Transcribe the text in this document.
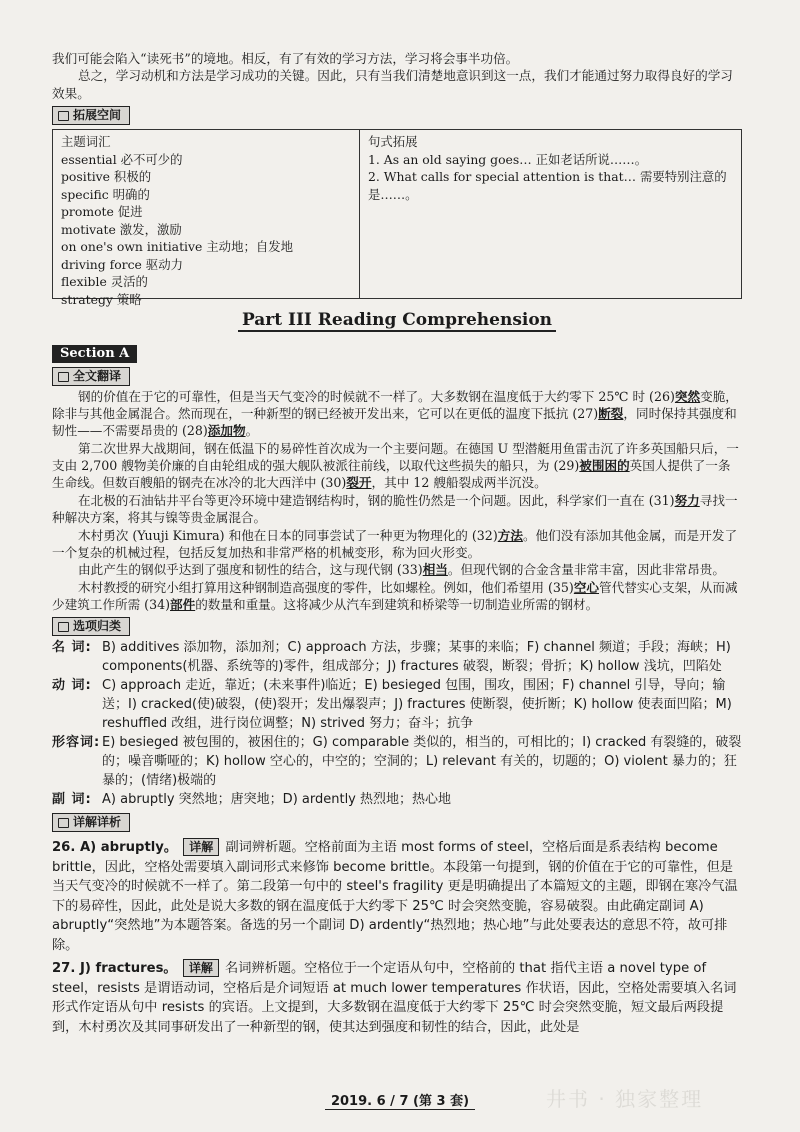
我们可能会陷入“读死书”的境地。相反，有了有效的学习方法，学习将会事半功倍。

总之，学习动机和方法是学习成功的关键。因此，只有当我们清楚地意识到这一点，我们才能通过努力取得良好的学习效果。

拓展空间
主题词汇
essential 必不可少的
positive 积极的
specific 明确的
promote 促进
motivate 激发，激励
on one's own initiative 主动地；自发地
driving force 驱动力
flexible 灵活的
strategy 策略
句式拓展
1. As an old saying goes… 正如老话所说……。
2. What calls for special attention is that… 需要特别注意的是……。
Part III Reading Comprehension
Section A
全文翻译

钢的价值在于它的可靠性，但是当天气变冷的时候就不一样了。大多数钢在温度低于大约零下 25℃ 时 (26)突然变脆，除非与其他金属混合。然而现在，一种新型的钢已经被开发出来，它可以在更低的温度下抵抗 (27)断裂，同时保持其强度和韧性——不需要昂贵的 (28)添加物。

第二次世界大战期间，钢在低温下的易碎性首次成为一个主要问题。在德国 U 型潜艇用鱼雷击沉了许多英国船只后，一支由 2,700 艘物美价廉的自由轮组成的强大舰队被派往前线，以取代这些损失的船只，为 (29)被围困的英国人提供了一条生命线。但数百艘船的钢壳在冰冷的北大西洋中 (30)裂开，其中 12 艘船裂成两半沉没。

在北极的石油钻井平台等更冷环境中建造钢结构时，钢的脆性仍然是一个问题。因此，科学家们一直在 (31)努力寻找一种解决方案，将其与镍等贵金属混合。

木村勇次 (Yuuji Kimura) 和他在日本的同事尝试了一种更为物理化的 (32)方法。他们没有添加其他金属，而是开发了一个复杂的机械过程，包括反复加热和非常严格的机械变形，称为回火形变。

由此产生的钢似乎达到了强度和韧性的结合，这与现代钢 (33)相当。但现代钢的合金含量非常丰富，因此非常昂贵。

木村教授的研究小组打算用这种钢制造高强度的零件，比如螺栓。例如，他们希望用 (35)空心管代替实心支架，从而减少建筑工作所需 (34)部件的数量和重量。这将减少从汽车到建筑和桥梁等一切制造业所需的钢材。

选项归类
名 词: B) additives 添加物，添加剂；C) approach 方法，步骤；某事的来临；F) channel 频道；手段；海峡；H) components(机器、系统等的)零件，组成部分；J) fractures 破裂，断裂；骨折；K) hollow 浅坑，凹陷处
动 词: C) approach 走近，靠近；(未来事件)临近；E) besieged 包围，围攻，围困；F) channel 引导，导向；输送；I) cracked(使)破裂，(使)裂开；发出爆裂声；J) fractures 使断裂，使折断；K) hollow 使表面凹陷；M) reshuffled 改组，进行岗位调整；N) strived 努力；奋斗；抗争
形容词: E) besieged 被包围的，被困住的；G) comparable 类似的，相当的，可相比的；I) cracked 有裂缝的，破裂的；噪音嘶哑的；K) hollow 空心的，中空的；空洞的；L) relevant 有关的，切题的；O) violent 暴力的；狂暴的；(情绪)极端的
副 词: A) abruptly 突然地；唐突地；D) ardently 热烈地；热心地
详解详析
26. A) abruptly。 详解 副词辨析题。空格前面为主语 most forms of steel，空格后面是系表结构 become brittle，因此，空格处需要填入副词形式来修饰 become brittle。本段第一句提到，钢的价值在于它的可靠性，但是当天气变冷的时候就不一样了。第二段第一句中的 steel's fragility 更是明确提出了本篇短文的主题，即钢在寒冷气温下的易碎性，因此，此处是说大多数的钢在温度低于大约零下 25℃ 时会突然变脆，容易破裂。由此确定副词 A) abruptly“突然地”为本题答案。备选的另一个副词 D) ardently“热烈地；热心地”与此处要表达的意思不符，故可排除。
27. J) fractures。 详解 名词辨析题。空格位于一个定语从句中，空格前的 that 指代主语 a novel type of steel，resists 是谓语动词，空格后是介词短语 at much lower temperatures 作状语，因此，空格处需要填入名词形式作定语从句中 resists 的宾语。上文提到，大多数钢在温度低于大约零下 25℃ 时会突然变脆，短文最后两段提到，木村勇次及其同事研发出了一种新型的钢，使其达到强度和韧性的结合，因此，此处是
2019. 6 / 7 (第 3 套)	井书 · 独家整理
